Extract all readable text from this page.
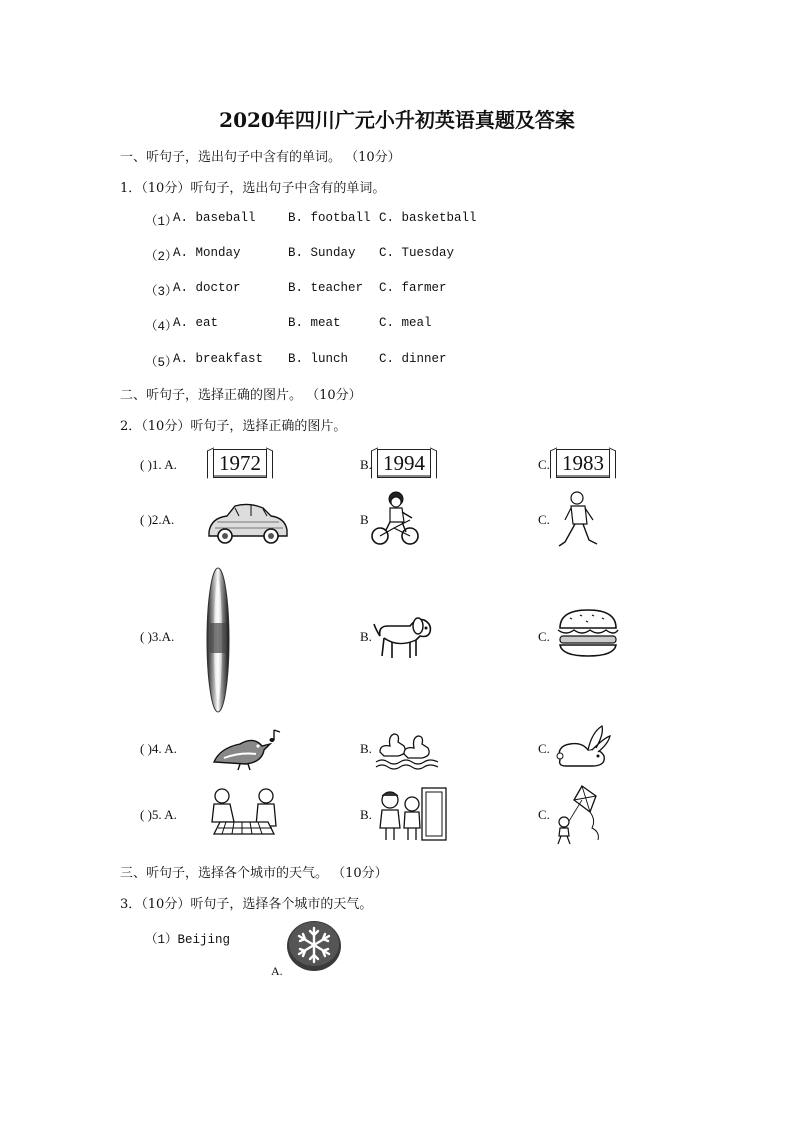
2020年四川广元小升初英语真题及答案
一、听句子，选出句子中含有的单词。 （10分）
1．（10分）听句子，选出句子中含有的单词。
（1）
A. baseball	B. football C. basketball
（2）
A. Monday	B. Sunday C. Tuesday
（3）
A. doctor	B. teacher C. farmer
（4）
A. eat	B. meat	C. meal
（5）
A. breakfast B. lunch C. dinner
二、听句子，选择正确的图片。 （10分）
2．（10分）听句子，选择正确的图片。
( )1. A. 1972	B. 1994	C. 1983
( )2.A.	B	C.
( )3.A.	B.	C.
( )4. A.	B.	C.
( )5. A.	B.	C.
三、听句子，选择各个城市的天气。 （10分）
3．（10分）听句子，选择各个城市的天气。
（1）Beijing
A.
